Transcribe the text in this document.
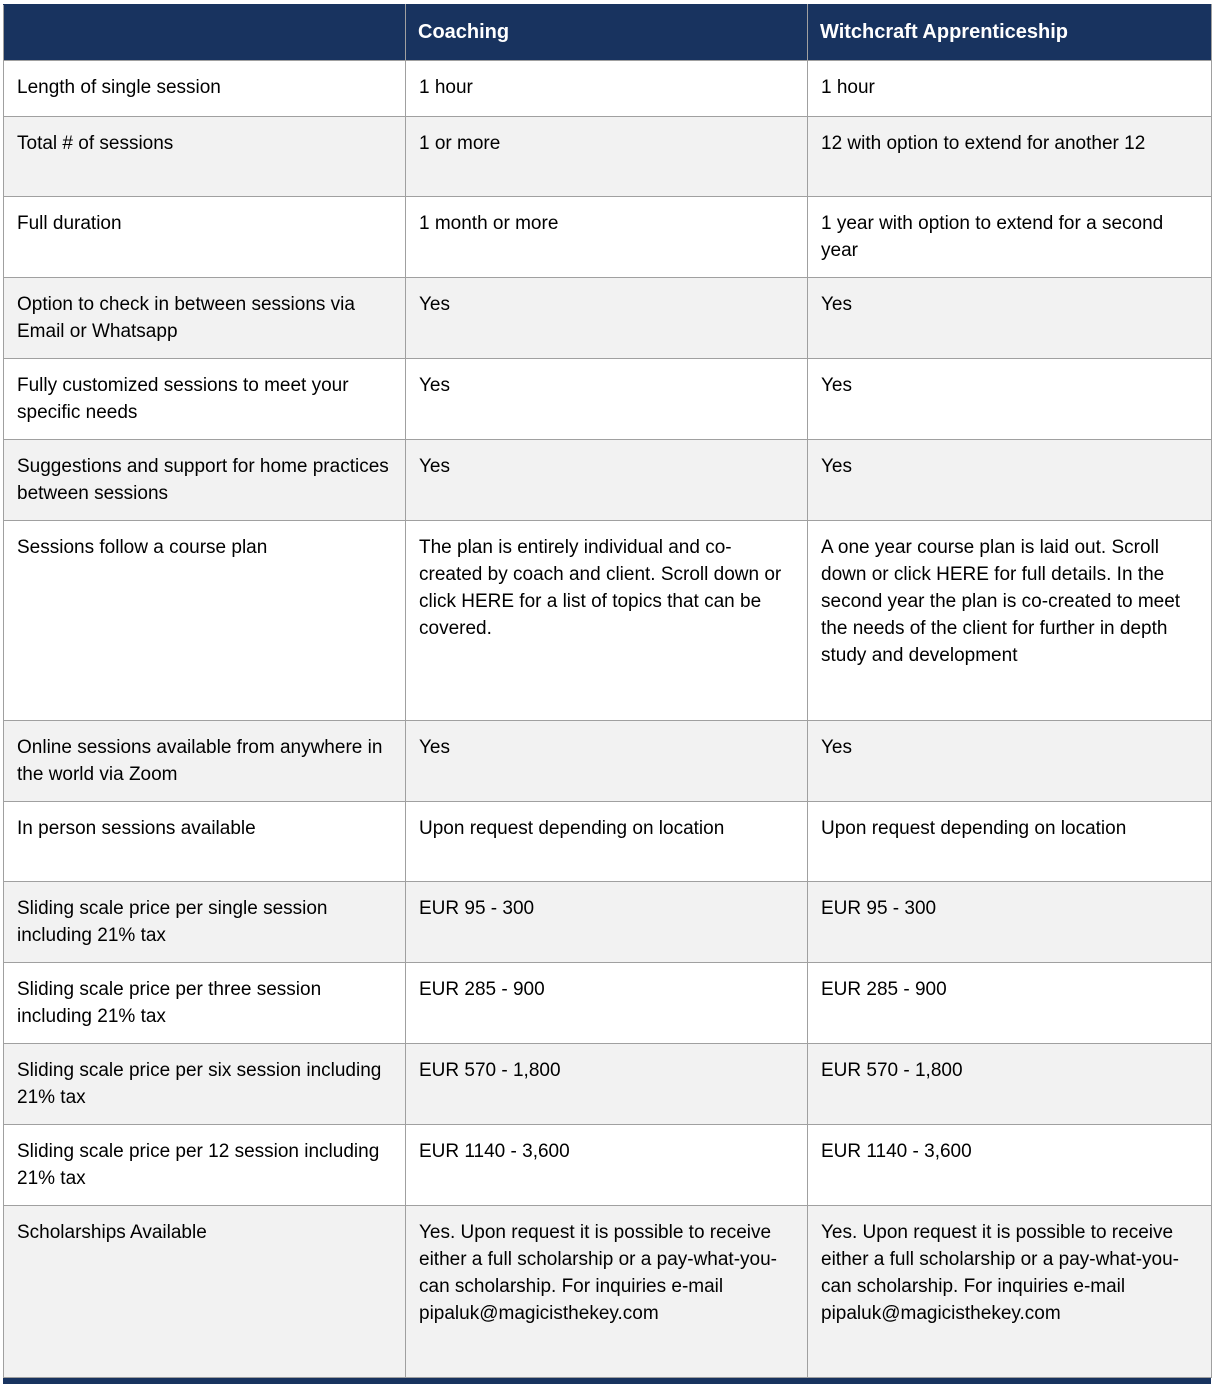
	Coaching	Witchcraft Apprenticeship
Length of single session	1 hour	1 hour
Total # of sessions	1 or more	12 with option to extend for another 12
Full duration	1 month or more	1 year with option to extend for a second year
Option to check in between sessions via Email or Whatsapp	Yes	Yes
Fully customized sessions to meet your specific needs	Yes	Yes
Suggestions and support for home practices between sessions	Yes	Yes
Sessions follow a course plan	The plan is entirely individual and co-created by coach and client. Scroll down or click HERE for a list of topics that can be covered.	A one year course plan is laid out. Scroll down or click HERE for full details. In the second year the plan is co-created to meet the needs of the client for further in depth study and development
Online sessions available from anywhere in the world via Zoom	Yes	Yes
In person sessions available	Upon request depending on location	Upon request depending on location
Sliding scale price per single session including 21% tax	EUR 95 - 300	EUR 95 - 300
Sliding scale price per three session including 21% tax	EUR 285 - 900	EUR 285 - 900
Sliding scale price per six session including 21% tax	EUR 570 - 1,800	EUR 570 - 1,800
Sliding scale price per 12 session including 21% tax	EUR 1140 - 3,600	EUR 1140 - 3,600
Scholarships Available	Yes. Upon request it is possible to receive either a full scholarship or a pay-what-you-can scholarship. For inquiries e-mail pipaluk@magicisthekey.com	Yes. Upon request it is possible to receive either a full scholarship or a pay-what-you-can scholarship. For inquiries e-mail pipaluk@magicisthekey.com
